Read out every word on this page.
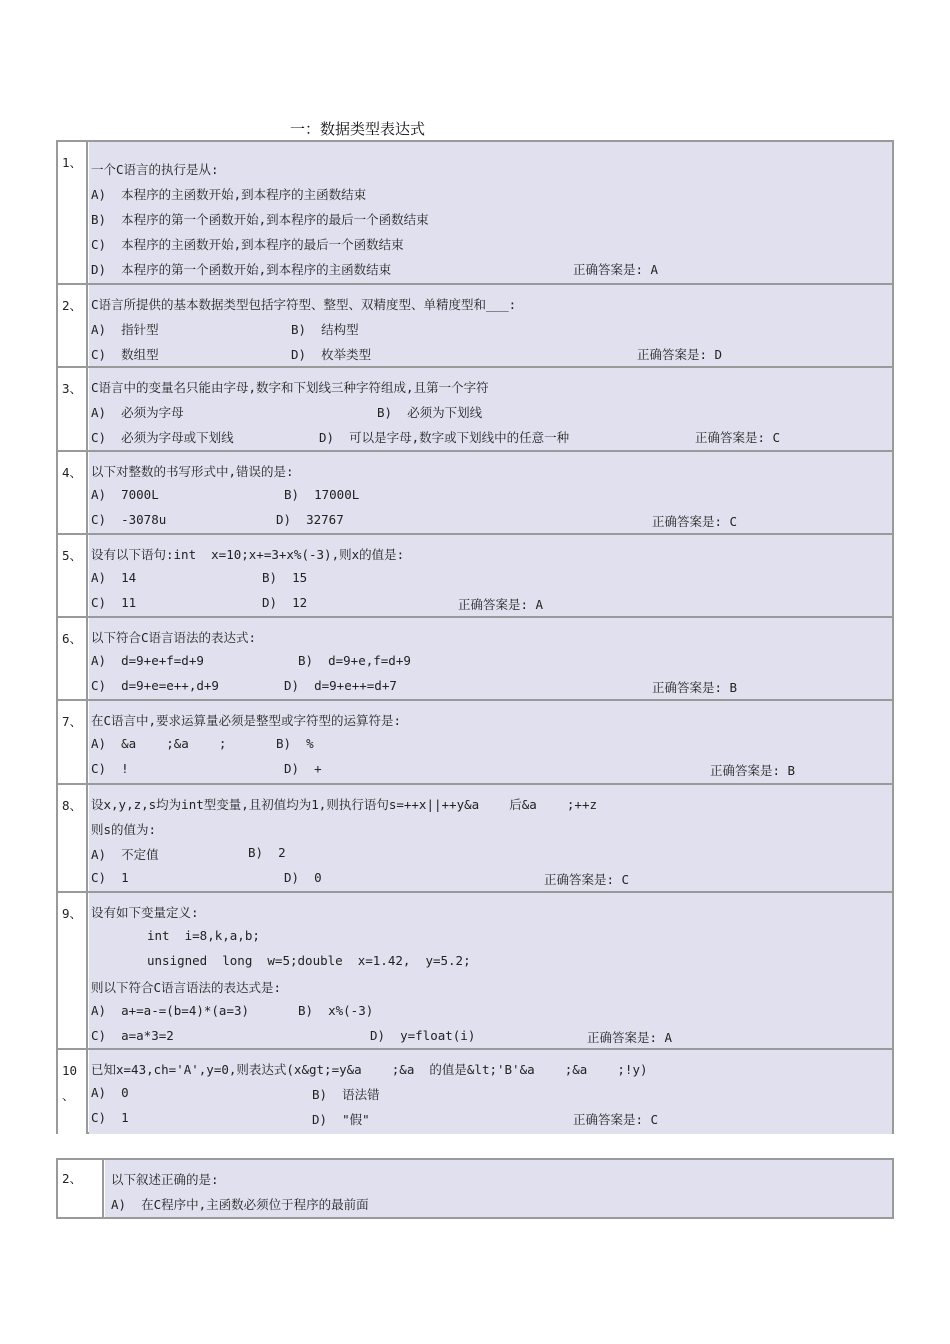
一：数据类型表达式
1、 一个C语言的执行是从:
A)  本程序的主函数开始,到本程序的主函数结束
B)  本程序的第一个函数开始,到本程序的最后一个函数结束
C)  本程序的主函数开始,到本程序的最后一个函数结束
D)  本程序的第一个函数开始,到本程序的主函数结束	正确答案是: A
2、 C语言所提供的基本数据类型包括字符型、整型、双精度型、单精度型和___:
A)  指针型	B)  结构型
C)  数组型	D)  枚举类型	正确答案是: D
3、 C语言中的变量名只能由字母,数字和下划线三种字符组成,且第一个字符
A)  必须为字母	B)  必须为下划线
C)  必须为字母或下划线	D)  可以是字母,数字或下划线中的任意一种	正确答案是: C
4、 以下对整数的书写形式中,错误的是:
A)  7000L	B)  17000L
C)  -3078u	D)  32767	正确答案是: C
5、 设有以下语句:int  x=10;x+=3+x%(-3),则x的值是:
A)  14	B)  15
C)  11	D)  12	正确答案是: A
6、 以下符合C语言语法的表达式:
A)  d=9+e+f=d+9	B)  d=9+e,f=d+9
C)  d=9+e=e++,d+9	D)  d=9+e++=d+7	正确答案是: B
7、 在C语言中,要求运算量必须是整型或字符型的运算符是:
A)  &a    ;&a    ;	B)  %
C)  !	D)  +	正确答案是: B
8、 设x,y,z,s均为int型变量,且初值均为1,则执行语句s=++x||++y&a    后&a    ;++z
则s的值为:
A)  不定值	B)  2
C)  1	D)  0	正确答案是: C
9、 设有如下变量定义:
int  i=8,k,a,b;
unsigned  long  w=5;double  x=1.42,  y=5.2;
则以下符合C语言语法的表达式是:
A)  a+=a-=(b=4)*(a=3)	B)  x%(-3)
C)  a=a*3=2	D)  y=float(i)	正确答案是: A
10
、
已知x=43,ch='A',y=0,则表达式(x&gt;=y&a    ;&a  的值是&lt;'B'&a    ;&a    ;!y)
A)  0	B)  语法错
C)  1	D)  "假"	正确答案是: C
2、	以下叙述正确的是:
A)  在C程序中,主函数必须位于程序的最前面
